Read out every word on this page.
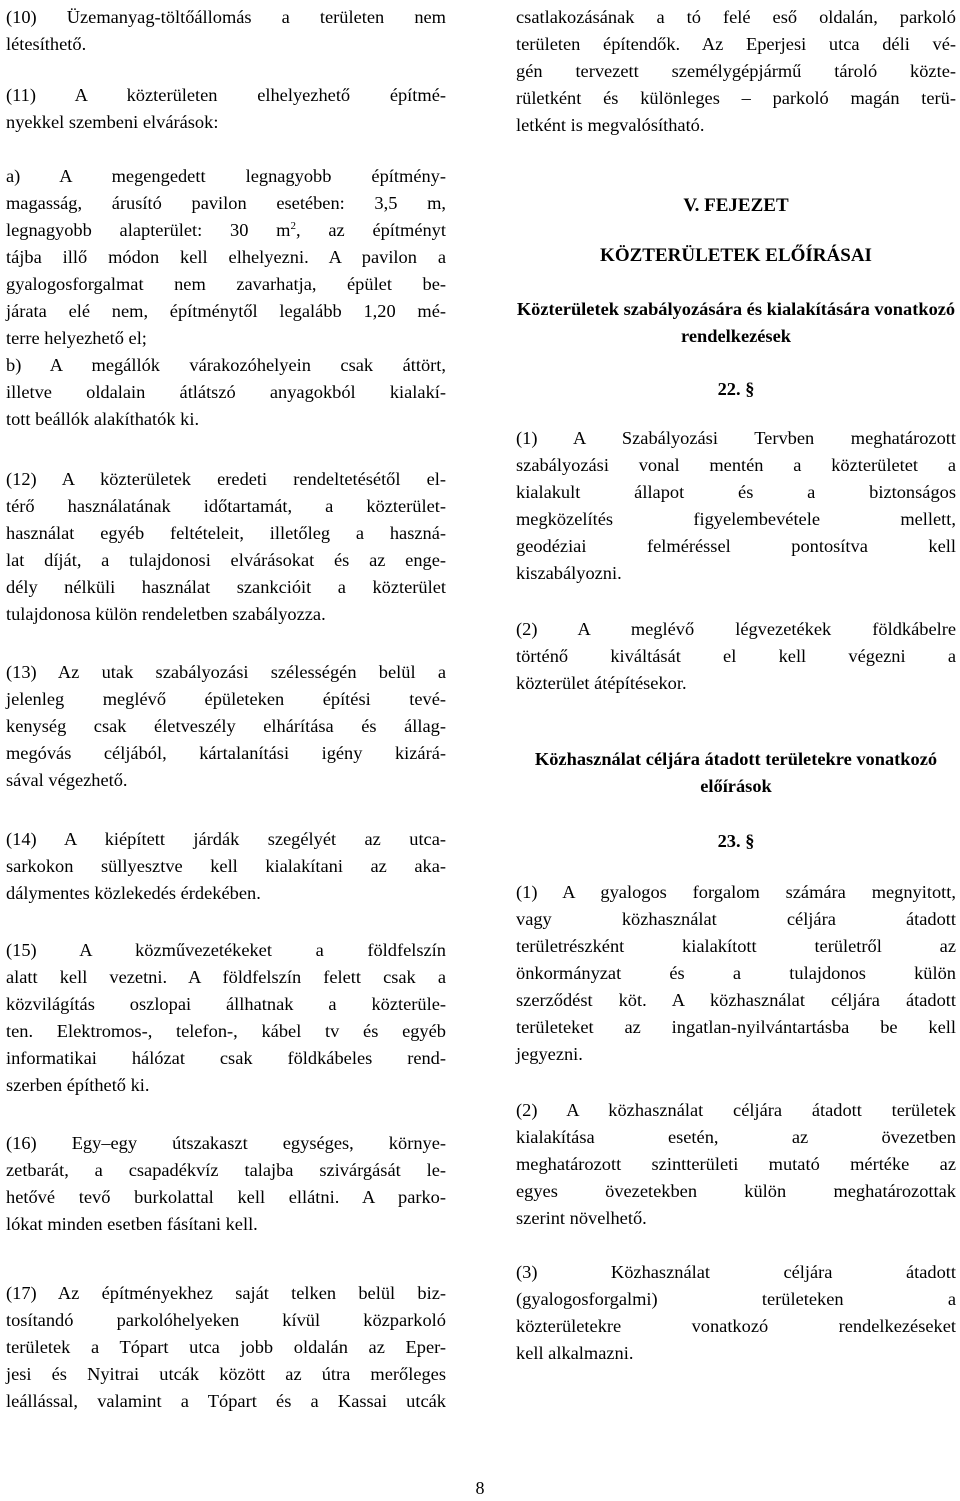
(10) Üzemanyag-töltőállomás a területen nem
létesíthető.

(11) A közterületen elhelyezhető építmé-
nyekkel szembeni elvárások:

a) A megengedett legnagyobb építmény-
magasság, árusító pavilon esetében: 3,5 m,
legnagyobb alapterület: 30 $m^2$, az építményt
tájba illő módon kell elhelyezni. A pavilon a
gyalogosforgalmat nem zavarhatja, épület be-
járata elé nem, építménytől legalább 1,20 mé-
terre helyezhető el;
b) A megállók várakozóhelyein csak áttört,
illetve oldalain átlátszó anyagokból kialakí-
tott beállók alakíthatók ki.

(12) A közterületek eredeti rendeltetésétől el-
térő használatának időtartamát, a közterület-
használat egyéb feltételeit, illetőleg a haszná-
lat díját, a tulajdonosi elvárásokat és az enge-
dély nélküli használat szankcióit a közterület
tulajdonosa külön rendeletben szabályozza.

(13) Az utak szabályozási szélességén belül a
jelenleg meglévő épületeken építési tevé-
kenység csak életveszély elhárítása és állag-
megóvás céljából, kártalanítási igény kizárá-
sával végezhető.

(14) A kiépített járdák szegélyét az utca-
sarkokon süllyesztve kell kialakítani az aka-
dálymentes közlekedés érdekében.

(15) A közművezetékeket a földfelszín
alatt kell vezetni. A földfelszín felett csak a
közvilágítás oszlopai állhatnak a közterüle-
ten. Elektromos-, telefon-, kábel tv és egyéb
informatikai hálózat csak földkábeles rend-
szerben építhető ki.

(16) Egy–egy útszakaszt egységes, környe-
zetbarát, a csapadékvíz talajba szivárgását le-
hetővé tevő burkolattal kell ellátni. A parko-
lókat minden esetben fásítani kell.

(17) Az építményekhez saját telken belül biz-
tosítandó parkolóhelyeken kívül közparkoló
területek a Tópart utca jobb oldalán az Eper-
jesi és Nyitrai utcák között az útra merőleges
leállással, valamint a Tópart és a Kassai utcák

csatlakozásának a tó felé eső oldalán, parkoló
területen építendők. Az Eperjesi utca déli vé-
gén tervezett személygépjármű tároló közte-
rületként és különleges – parkoló magán terü-
letként is megvalósítható.

V. FEJEZET

KÖZTERÜLETEK ELŐÍRÁSAI

Közterületek szabályozására és kialakítására vonatkozó rendelkezések

22. §

(1) A Szabályozási Tervben meghatározott
szabályozási vonal mentén a közterületet a
kialakult állapot és a biztonságos
megközelítés figyelembevétele mellett,
geodéziai felméréssel pontosítva kell
kiszabályozni.

(2) A meglévő légvezetékek földkábelre
történő kiváltását el kell végezni a
közterület átépítésekor.

Közhasználat céljára átadott területekre vonatkozó előírások

23. §

(1) A gyalogos forgalom számára megnyitott,
vagy közhasználat céljára átadott
területrészként kialakított területről az
önkormányzat és a tulajdonos külön
szerződést köt. A közhasználat céljára átadott
területeket az ingatlan-nyilvántartásba be kell
jegyezni.

(2) A közhasználat céljára átadott területek
kialakítása esetén, az övezetben
meghatározott szintterületi mutató mértéke az
egyes övezetekben külön meghatározottak
szerint növelhető.

(3) Közhasználat céljára átadott
(gyalogosforgalmi) területeken a
közterületekre vonatkozó rendelkezéseket
kell alkalmazni.

8
